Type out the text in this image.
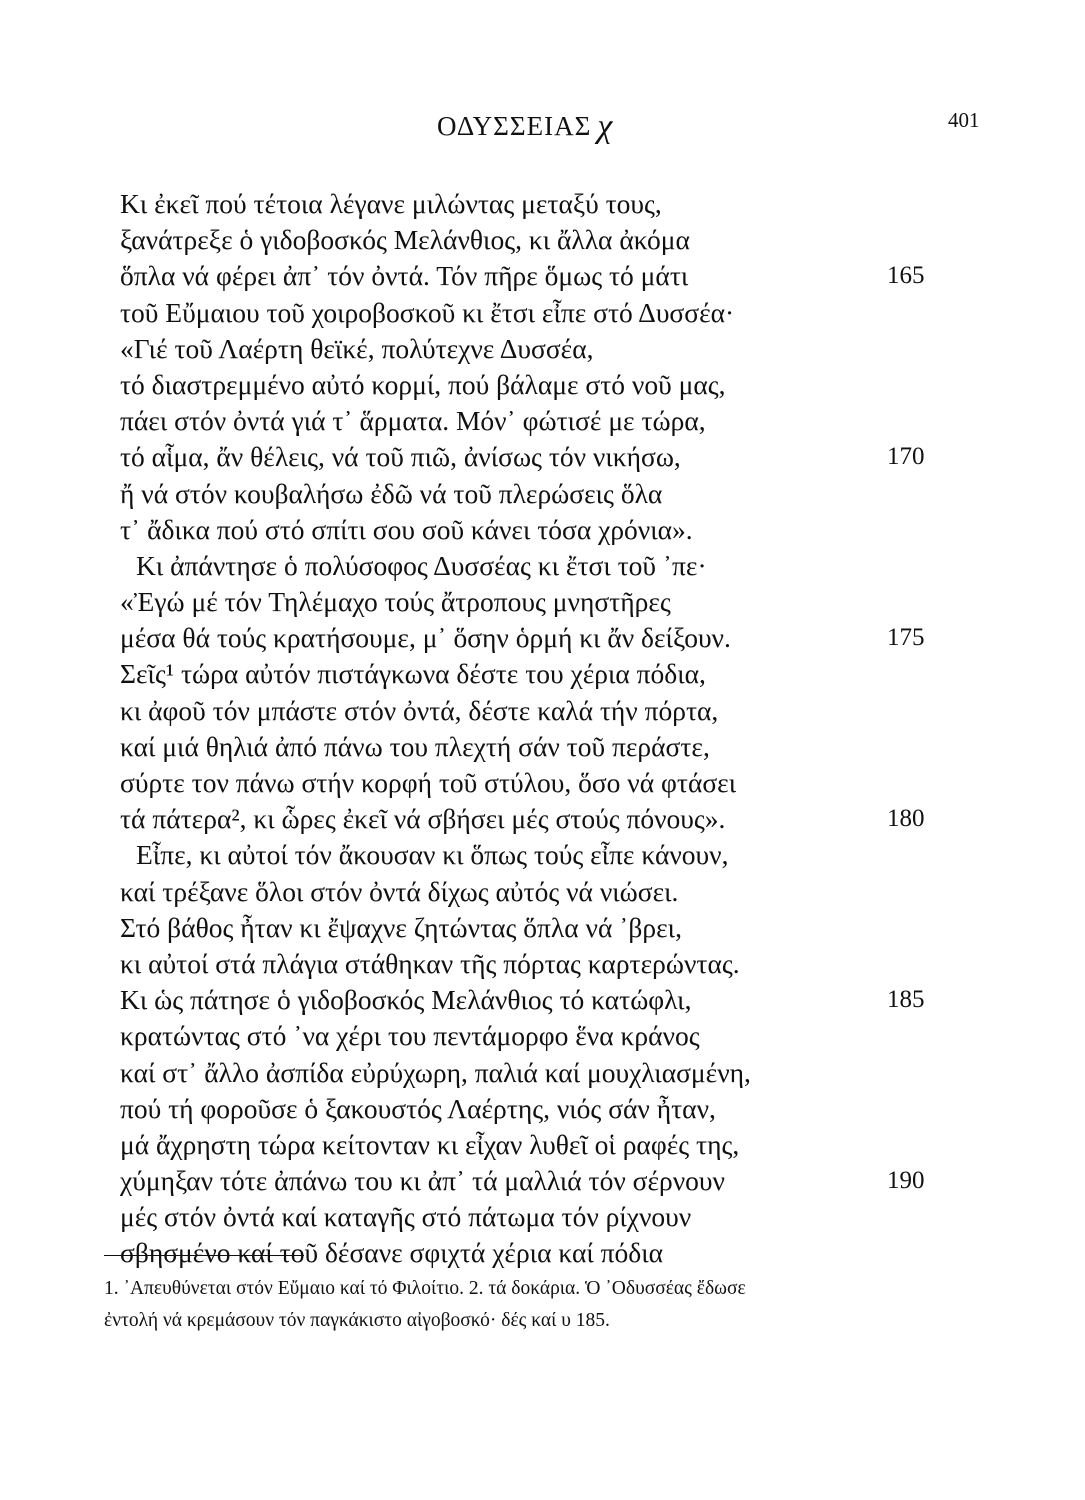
ΟΔΥΣΣΕΙΑΣ χ	401
Κι ἐκεῖ πού τέτοια λέγανε μιλώντας μεταξύ τους,
ξανάτρεξε ὁ γιδοβοσκός Μελάνθιος, κι ἄλλα ἀκόμα
ὅπλα νά φέρει ἀπ᾽ τόν ὀντά. Τόν πῆρε ὅμως τό μάτι	165
τοῦ Εὔμαιου τοῦ χοιροβοσκοῦ κι ἔτσι εἶπε στό Δυσσέα·
«Γιέ τοῦ Λαέρτη θεϊκέ, πολύτεχνε Δυσσέα,
τό διαστρεμμένο αὐτό κορμί, πού βάλαμε στό νοῦ μας,
πάει στόν ὀντά γιά τ᾽ ἅρματα. Μόν᾽ φώτισέ με τώρα,
τό αἷμα, ἄν θέλεις, νά τοῦ πιῶ, ἀνίσως τόν νικήσω,	170
ἤ νά στόν κουβαλήσω ἐδῶ νά τοῦ πλερώσεις ὅλα
τ᾽ ἄδικα πού στό σπίτι σου σοῦ κάνει τόσα χρόνια».
Κι ἀπάντησε ὁ πολύσοφος Δυσσέας κι ἔτσι τοῦ ᾽πε·
«Ἐγώ μέ τόν Τηλέμαχο τούς ἄτροπους μνηστῆρες
μέσα θά τούς κρατήσουμε, μ᾽ ὅσην ὁρμή κι ἄν δείξουν.	175
Σεῖς¹ τώρα αὐτόν πιστάγκωνα δέστε του χέρια πόδια,
κι ἀφοῦ τόν μπάστε στόν ὀντά, δέστε καλά τήν πόρτα,
καί μιά θηλιά ἀπό πάνω του πλεχτή σάν τοῦ περάστε,
σύρτε τον πάνω στήν κορφή τοῦ στύλου, ὅσο νά φτάσει
τά πάτερα², κι ὧρες ἐκεῖ νά σβήσει μές στούς πόνους».	180
Εἶπε, κι αὐτοί τόν ἄκουσαν κι ὅπως τούς εἶπε κάνουν,
καί τρέξανε ὅλοι στόν ὀντά δίχως αὐτός νά νιώσει.
Στό βάθος ἦταν κι ἔψαχνε ζητώντας ὅπλα νά ᾽βρει,
κι αὐτοί στά πλάγια στάθηκαν τῆς πόρτας καρτερώντας.
Κι ὡς πάτησε ὁ γιδοβοσκός Μελάνθιος τό κατώφλι,	185
κρατώντας στό ᾽να χέρι του πεντάμορφο ἕνα κράνος
καί στ᾽ ἄλλο ἀσπίδα εὐρύχωρη, παλιά καί μουχλιασμένη,
πού τή φοροῦσε ὁ ξακουστός Λαέρτης, νιός σάν ἦταν,
μά ἄχρηστη τώρα κείτονταν κι εἶχαν λυθεῖ οἱ ραφές της,
χύμηξαν τότε ἀπάνω του κι ἀπ᾽ τά μαλλιά τόν σέρνουν	190
μές στόν ὀντά καί καταγῆς στό πάτωμα τόν ρίχνουν
σβησμένο καί τοῦ δέσανε σφιχτά χέρια καί πόδια
1. ᾽Απευθύνεται στόν Εὔμαιο καί τό Φιλοίτιο. 2. τά δοκάρια. Ὁ ᾽Οδυσσέας ἔδωσε
ἐντολή νά κρεμάσουν τόν παγκάκιστο αἰγοβοσκό· δές καί υ 185.
